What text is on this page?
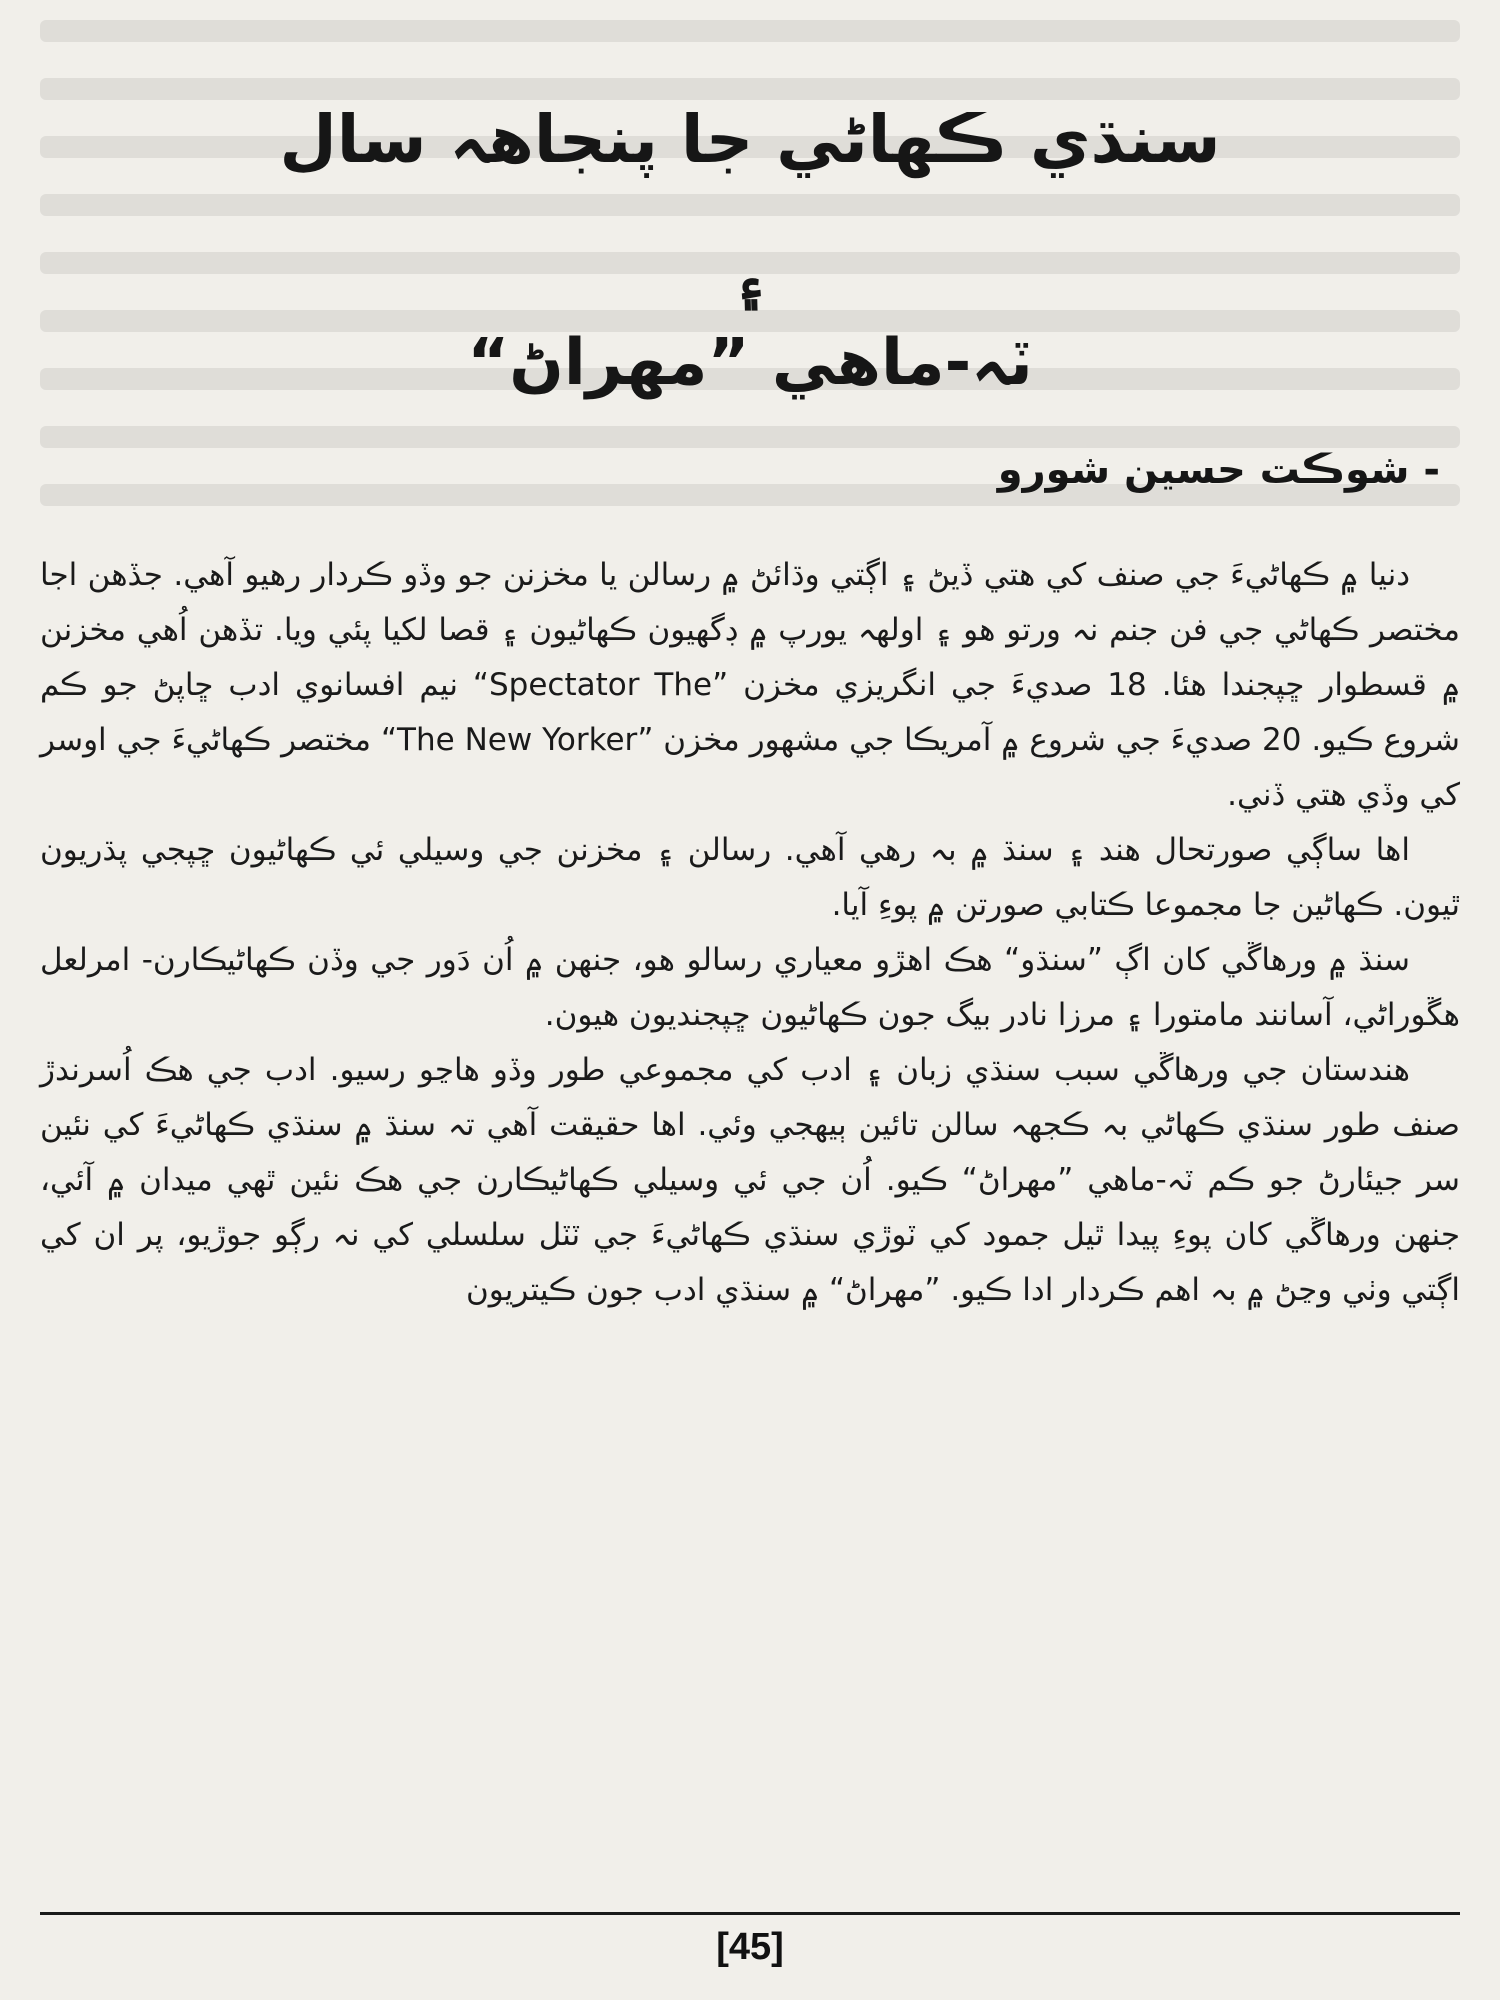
سنڌي ڪھاڻي جا پنجاھہ سال
۽
ٽہ-ماھي ”مهراڻ“
- شوڪت حسين شورو

دنيا ۾ ڪھاڻيءَ جي صنف کي ھتي ڏيڻ ۽ اڳتي وڌائڻ ۾ رسالن يا مخزنن جو وڏو ڪردار رھيو آھي. جڏھن اجا مختصر ڪھاڻي جي فن جنم نہ ورتو ھو ۽ اولھہ يورپ ۾ ڊگھيون ڪھاڻيون ۽ قصا لکيا پئي ويا. تڏھن اُھي مخزنن ۾ قسطوار ڇپجندا ھئا. 18 صديءَ جي انگريزي مخزن ”Spectator The“ نيم افسانوي ادب ڇاپڻ جو ڪم شروع ڪيو. 20 صديءَ جي شروع ۾ آمريڪا جي مشھور مخزن ”The New Yorker“ مختصر ڪھاڻيءَ جي اوسر کي وڏي ھتي ڏني.

اھا ساڳي صورتحال ھند ۽ سنڌ ۾ بہ رھي آھي. رسالن ۽ مخزنن جي وسيلي ئي ڪھاڻيون ڇپجي پڌريون ٿيون. ڪھاڻين جا مجموعا ڪتابي صورتن ۾ پوءِ آيا.

سنڌ ۾ ورھاڱي کان اڳ ”سنڌو“ ھڪ اھڙو معياري رسالو ھو، جنھن ۾ اُن دَور جي وڏن ڪھاڻيڪارن- امرلعل ھڱوراڻي، آسانند مامتورا ۽ مرزا نادر بيگ جون ڪھاڻيون ڇپجنديون ھيون.

ھندستان جي ورھاڱي سبب سنڌي زبان ۽ ادب کي مجموعي طور وڏو ھاڃو رسيو. ادب جي ھڪ اُسرندڙ صنف طور سنڌي ڪھاڻي بہ ڪجھہ سالن تائين ٻيھجي وئي. اھا حقيقت آھي تہ سنڌ ۾ سنڌي ڪھاڻيءَ کي نئين سر جيئارڻ جو ڪم ٽہ-ماھي ”مهراڻ“ ڪيو. اُن جي ئي وسيلي ڪھاڻيڪارن جي ھڪ نئين ٿھي ميدان ۾ آئي، جنھن ورھاڱي کان پوءِ پيدا ٿيل جمود کي ٽوڙي سنڌي ڪھاڻيءَ جي ٽٽل سلسلي کي نہ رڳو جوڙيو، پر ان کي اڳتي وٺي وڃڻ ۾ بہ اھم ڪردار ادا ڪيو. ”مهراڻ“ ۾ سنڌي ادب جون ڪيتريون

[45]
